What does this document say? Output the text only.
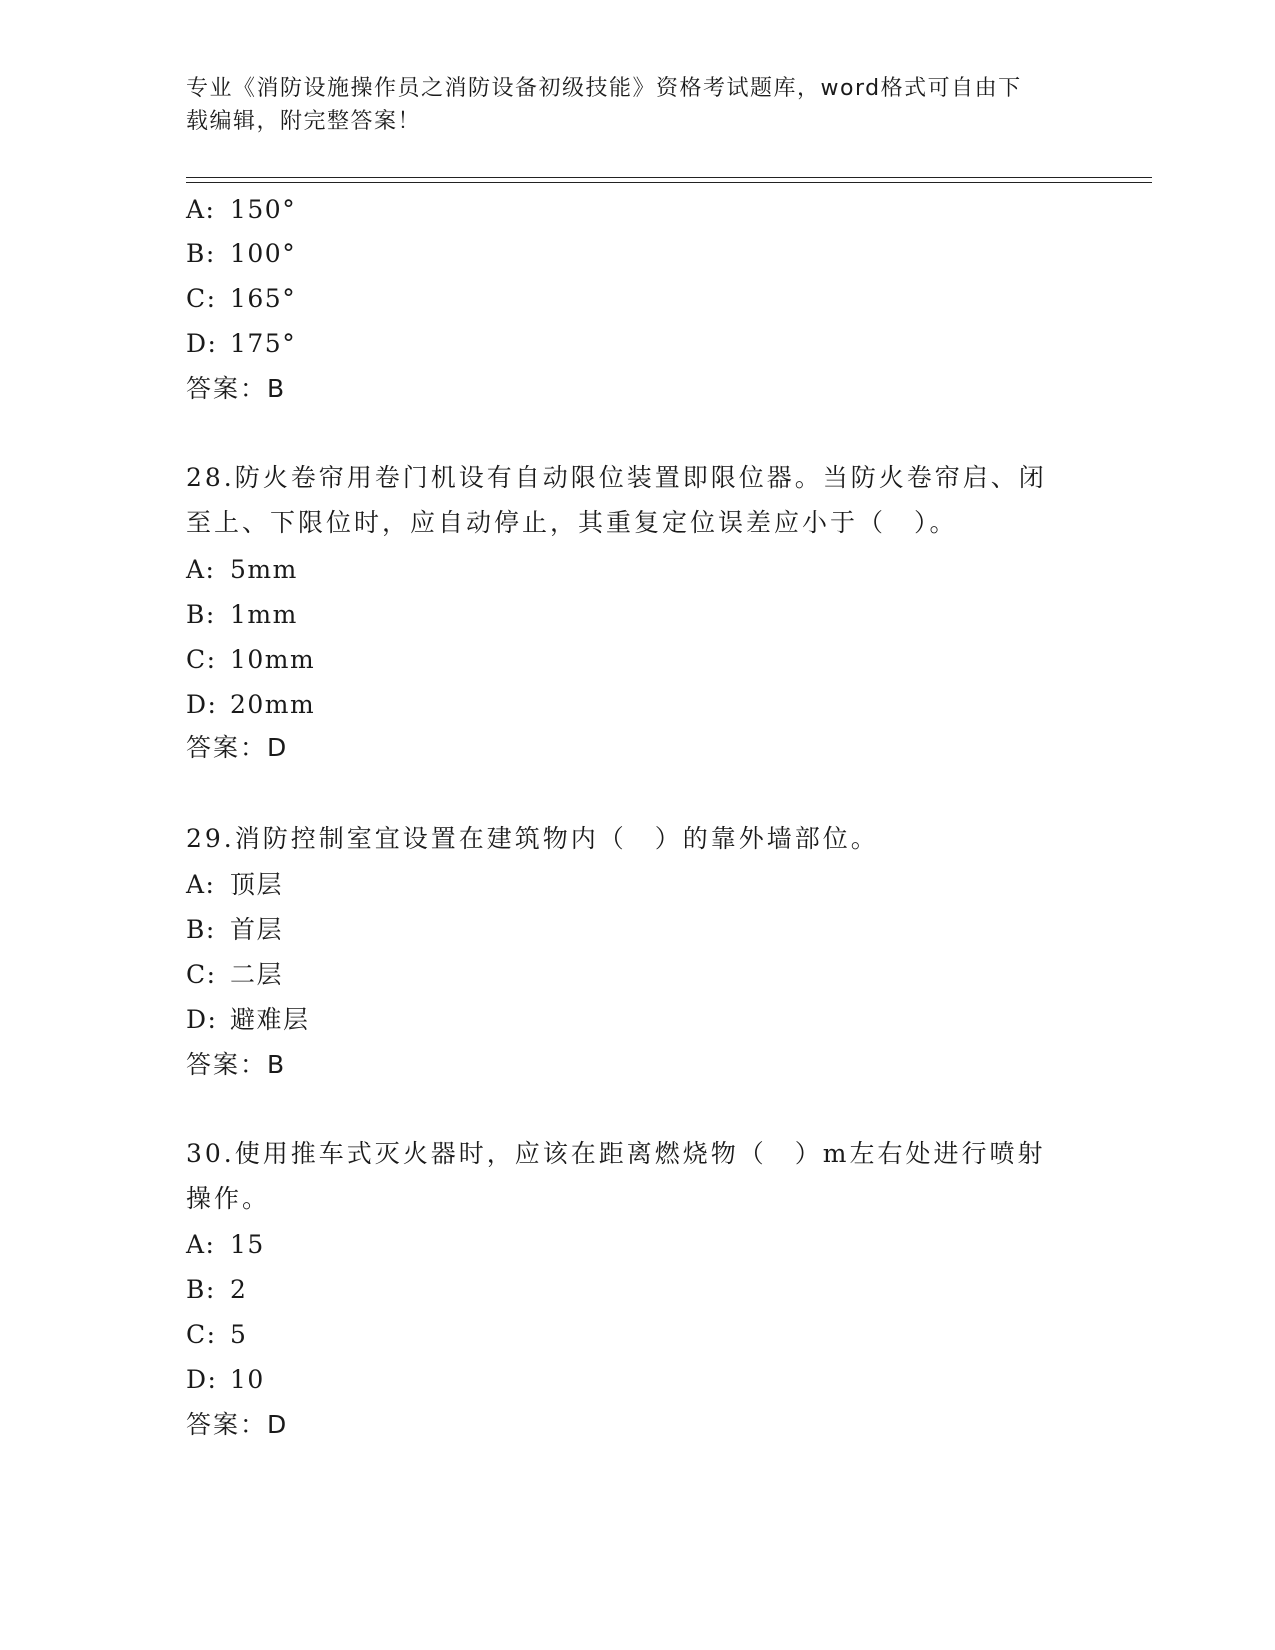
专业《消防设施操作员之消防设备初级技能》资格考试题库，word格式可自由下
载编辑，附完整答案！
A: 150°
B: 100°
C: 165°
D: 175°
答案：B
28.防火卷帘用卷门机设有自动限位装置即限位器。当防火卷帘启、闭至上、下限位时，应自动停止，其重复定位误差应小于（　）。
A: 5mm
B: 1mm
C: 10mm
D: 20mm
答案：D
29.消防控制室宜设置在建筑物内（　）的靠外墙部位。
A: 顶层
B: 首层
C: 二层
D: 避难层
答案：B
30.使用推车式灭火器时，应该在距离燃烧物（　）m左右处进行喷射操作。
A: 15
B: 2
C: 5
D: 10
答案：D
